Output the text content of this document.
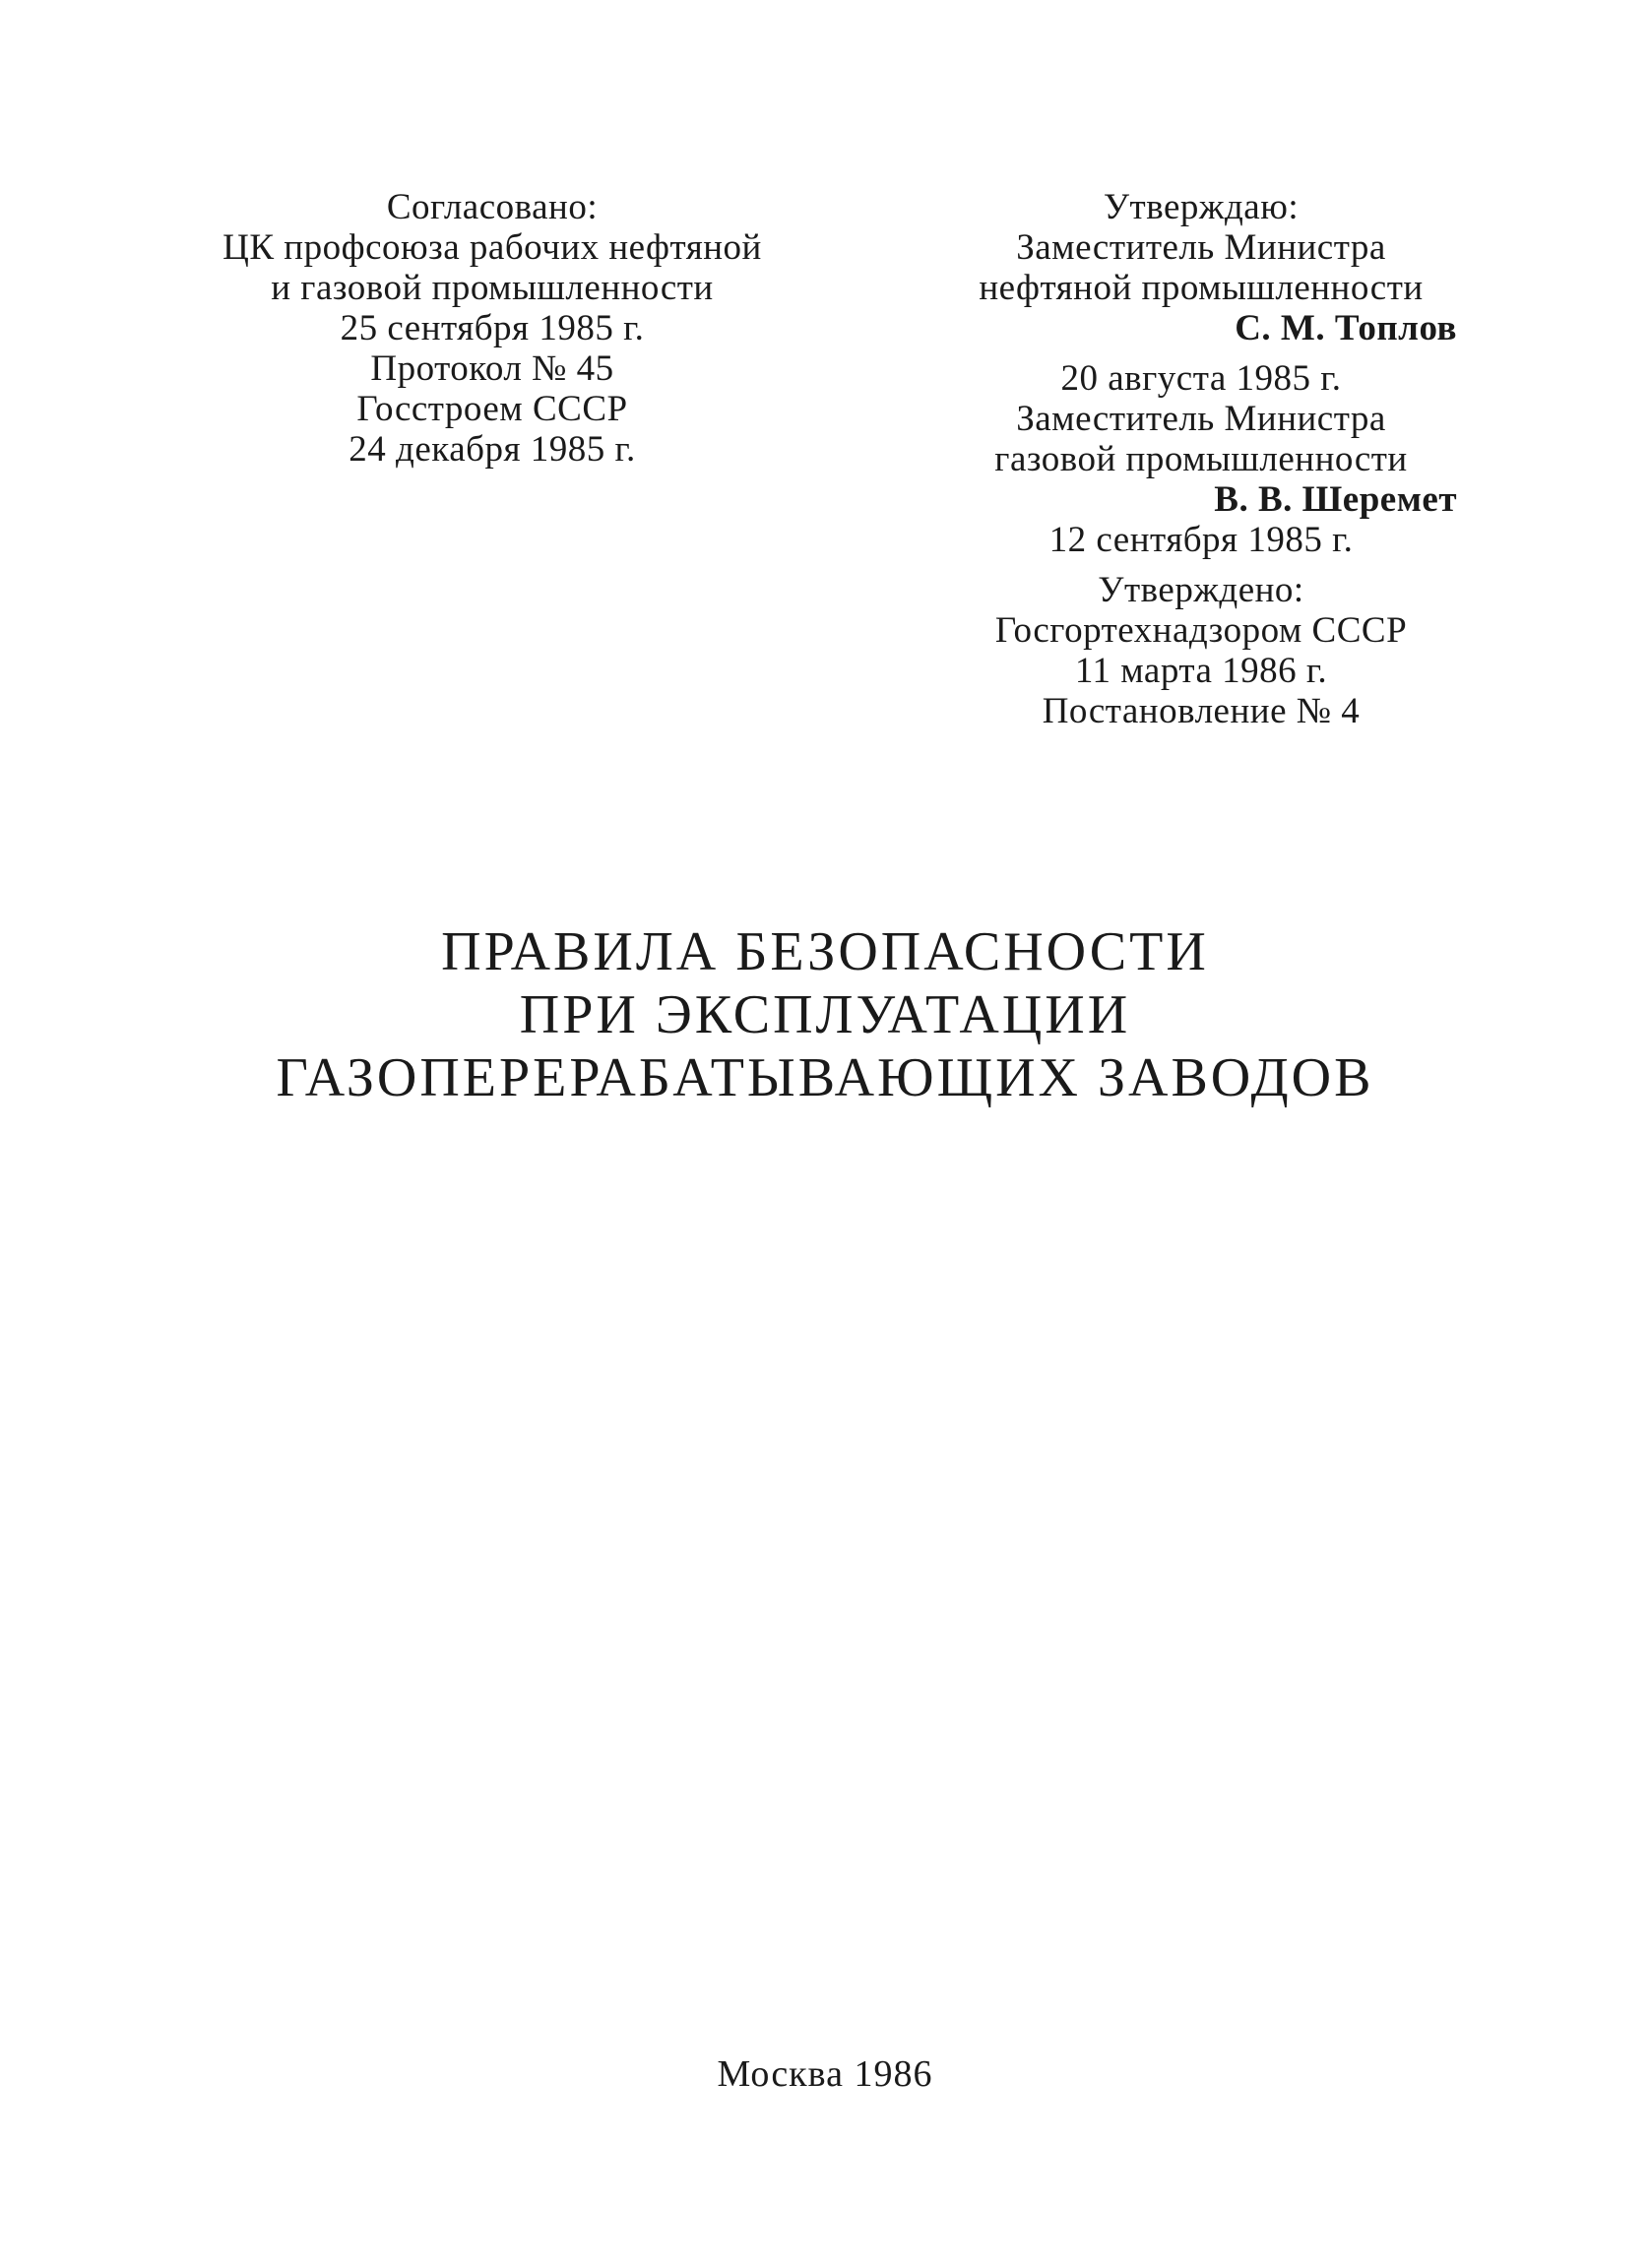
Согласовано:
ЦК профсоюза рабочих нефтяной
и газовой промышленности
25 сентября 1985 г.
Протокол № 45
Госстроем СССР
24 декабря 1985 г.
Утверждаю:
Заместитель Министра
нефтяной промышленности
С. М. Топлов
20 августа 1985 г.
Заместитель Министра
газовой промышленности
В. В. Шеремет
12 сентября 1985 г.
Утверждено:
Госгортехнадзором СССР
11 марта 1986 г.
Постановление № 4
ПРАВИЛА БЕЗОПАСНОСТИ
ПРИ ЭКСПЛУАТАЦИИ
ГАЗОПЕРЕРАБАТЫВАЮЩИХ ЗАВОДОВ
Москва 1986
